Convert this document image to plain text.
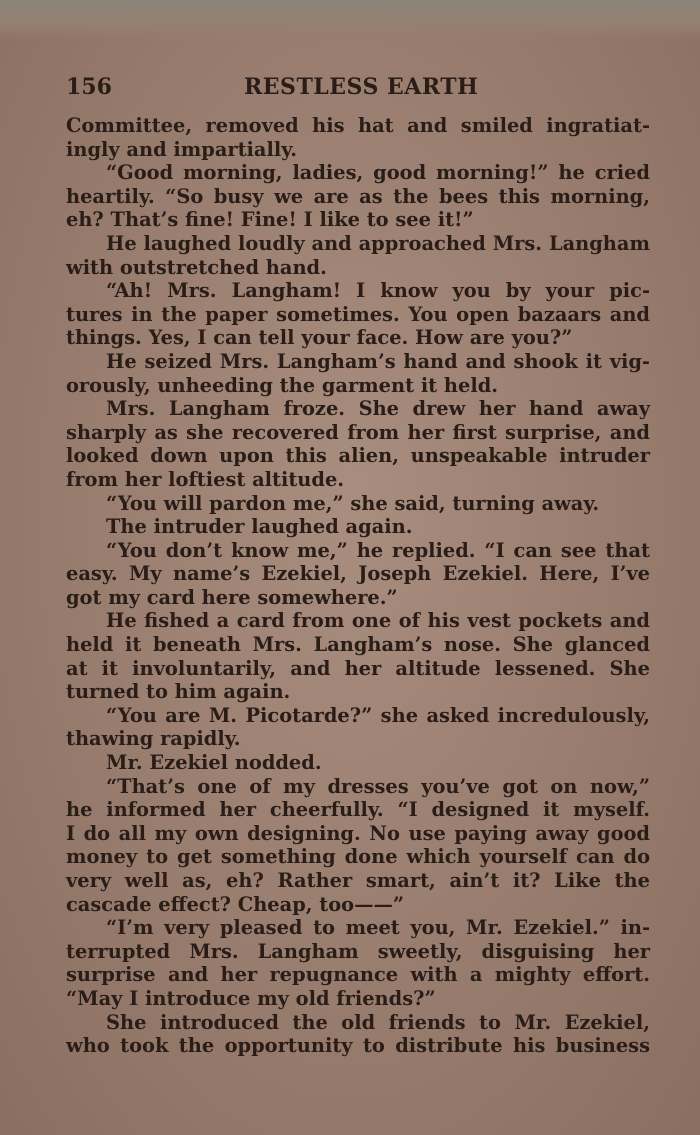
156	RESTLESS EARTH
Committee, removed his hat and smiled ingratiat-
ingly and impartially.
“Good morning, ladies, good morning!” he cried
heartily. “So busy we are as the bees this morning,
eh? That’s fine! Fine! I like to see it!”
He laughed loudly and approached Mrs. Langham
with outstretched hand.
“Ah! Mrs. Langham! I know you by your pic-
tures in the paper sometimes. You open bazaars and
things. Yes, I can tell your face. How are you?”
He seized Mrs. Langham’s hand and shook it vig-
orously, unheeding the garment it held.
Mrs. Langham froze. She drew her hand away
sharply as she recovered from her first surprise, and
looked down upon this alien, unspeakable intruder
from her loftiest altitude.
“You will pardon me,” she said, turning away.
The intruder laughed again.
“You don’t know me,” he replied. “I can see that
easy. My name’s Ezekiel, Joseph Ezekiel. Here, I’ve
got my card here somewhere.”
He fished a card from one of his vest pockets and
held it beneath Mrs. Langham’s nose. She glanced
at it involuntarily, and her altitude lessened. She
turned to him again.
“You are M. Picotarde?” she asked incredulously,
thawing rapidly.
Mr. Ezekiel nodded.
“That’s one of my dresses you’ve got on now,”
he informed her cheerfully. “I designed it myself.
I do all my own designing. No use paying away good
money to get something done which yourself can do
very well as, eh? Rather smart, ain’t it? Like the
cascade effect? Cheap, too——”
“I’m very pleased to meet you, Mr. Ezekiel.” in-
terrupted Mrs. Langham sweetly, disguising her
surprise and her repugnance with a mighty effort.
“May I introduce my old friends?”
She introduced the old friends to Mr. Ezekiel,
who took the opportunity to distribute his business
